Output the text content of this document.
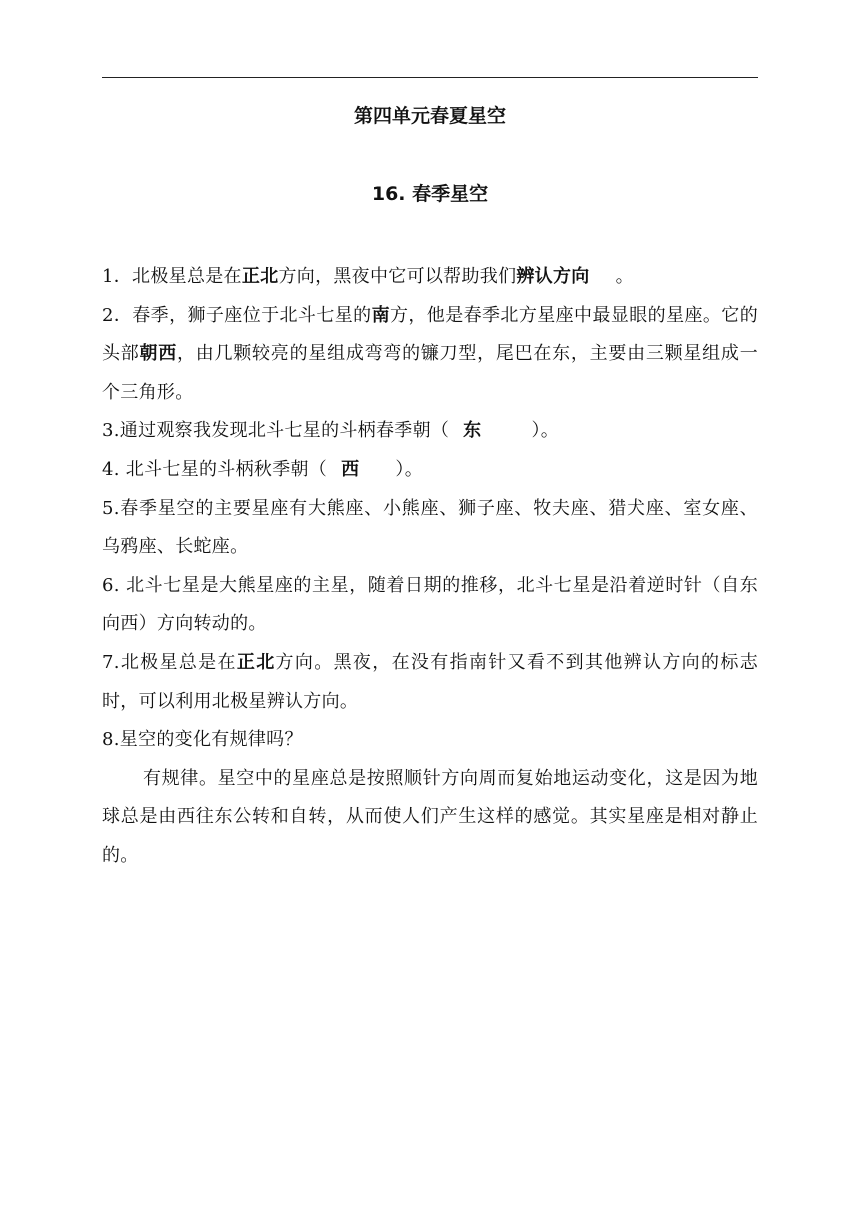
第四单元春夏星空
16. 春季星空

1．北极星总是在正北方向，黑夜中它可以帮助我们辨认方向 。

2．春季，狮子座位于北斗七星的南方，他是春季北方星座中最显眼的星座。它的头部朝西，由几颗较亮的星组成弯弯的镰刀型，尾巴在东，主要由三颗星组成一个三角形。

3.通过观察我发现北斗七星的斗柄春季朝（ 东	）。

4. 北斗七星的斗柄秋季朝（ 西 ）。

5.春季星空的主要星座有大熊座、小熊座、狮子座、牧夫座、猎犬座、室女座、乌鸦座、长蛇座。

6. 北斗七星是大熊星座的主星，随着日期的推移，北斗七星是沿着逆时针（自东向西）方向转动的。

7.北极星总是在正北方向。黑夜，在没有指南针又看不到其他辨认方向的标志时，可以利用北极星辨认方向。

8.星空的变化有规律吗？

有规律。星空中的星座总是按照顺针方向周而复始地运动变化，这是因为地球总是由西往东公转和自转，从而使人们产生这样的感觉。其实星座是相对静止的。
